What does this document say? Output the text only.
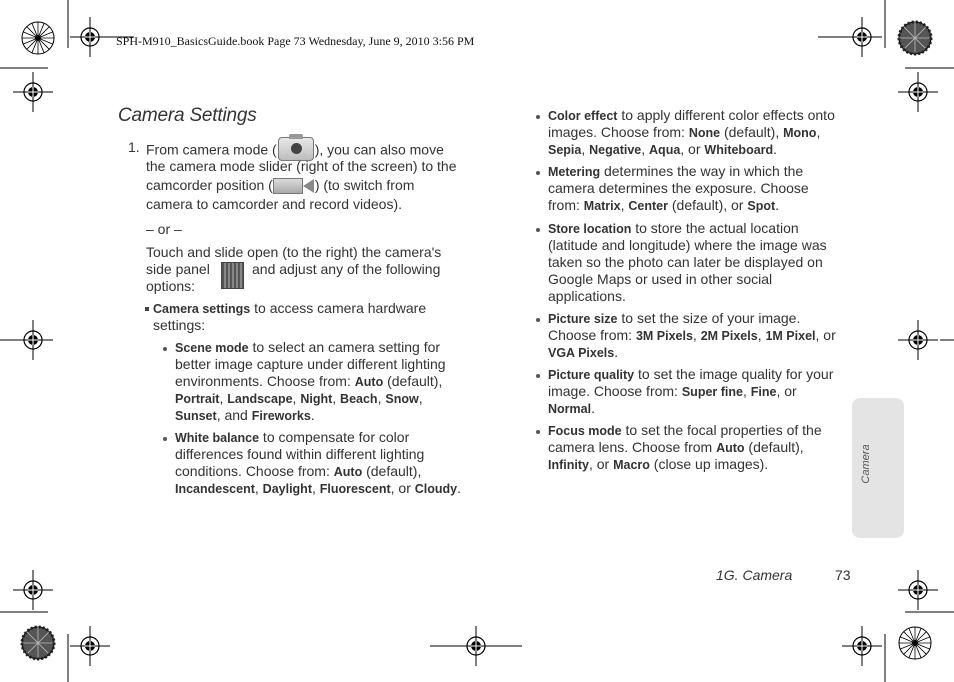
SPH-M910_BasicsGuide.book Page 73 Wednesday, June 9, 2010 3:56 PM
Camera Settings
1. From camera mode (	), you can also move
the camera mode slider (right of the screen) to the
camcorder position (	) (to switch from
camera to camcorder and record videos).
– or –
Touch and slide open (to the right) the camera's
side panel	and adjust any of the following
options:
Camera settings to access camera hardware
settings:
Scene mode to select an camera setting for
better image capture under different lighting
environments. Choose from: Auto (default),
Portrait, Landscape, Night, Beach, Snow,
Sunset, and Fireworks.
White balance to compensate for color
differences found within different lighting
conditions. Choose from: Auto (default),
Incandescent, Daylight, Fluorescent, or Cloudy.
Color effect to apply different color effects onto
images. Choose from: None (default), Mono,
Sepia, Negative, Aqua, or Whiteboard.
Metering determines the way in which the
camera determines the exposure. Choose
from: Matrix, Center (default), or Spot.
Store location to store the actual location
(latitude and longitude) where the image was
taken so the photo can later be displayed on
Google Maps or used in other social
applications.
Picture size to set the size of your image.
Choose from: 3M Pixels, 2M Pixels, 1M Pixel, or
VGA Pixels.
Picture quality to set the image quality for your
image. Choose from: Super fine, Fine, or
Normal.
Focus mode to set the focal properties of the
camera lens. Choose from Auto (default),
Infinity, or Macro (close up images).	Camera
1G. Camera	73
